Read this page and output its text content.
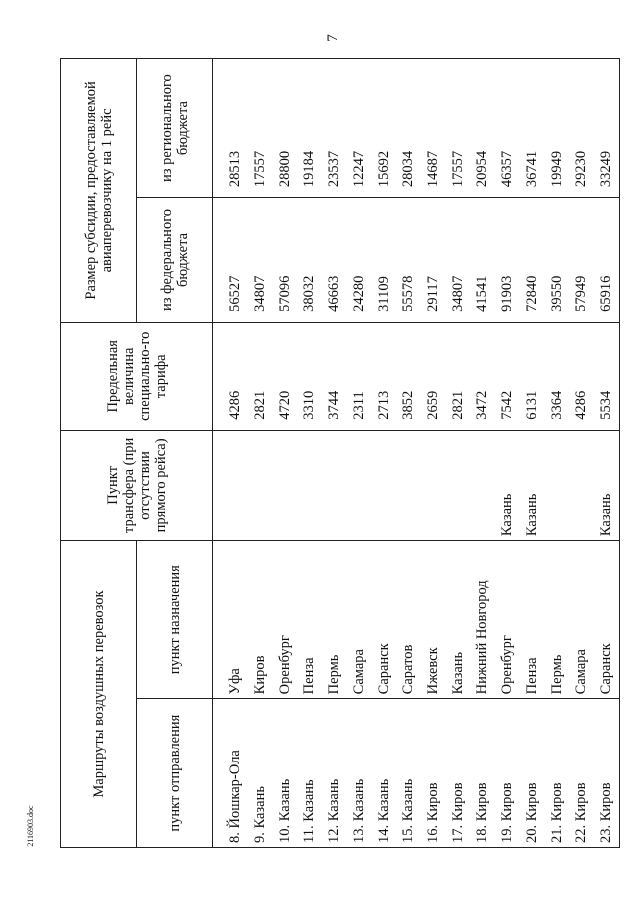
7
Маршруты воздушных перевозок		Пункт трансфера (при отсутствии прямого рейса)	Предельная величина специально-го тарифа	Размер субсидии, предоставляемой авиаперевозчику на 1 рейс	
пункт отправления	пункт назначения			из федерального бюджета	из регионального бюджета
8. Йошкар-Ола	Уфа		4286	56527	28513
9. Казань	Киров		2821	34807	17557
10. Казань	Оренбург		4720	57096	28800
11. Казань	Пенза		3310	38032	19184
12. Казань	Пермь		3744	46663	23537
13. Казань	Самара		2311	24280	12247
14. Казань	Саранск		2713	31109	15692
15. Казань	Саратов		3852	55578	28034
16. Киров	Ижевск		2659	29117	14687
17. Киров	Казань		2821	34807	17557
18. Киров	Нижний Новгород		3472	41541	20954
19. Киров	Оренбург	Казань	7542	91903	46357
20. Киров	Пенза	Казань	6131	72840	36741
21. Киров	Пермь		3364	39550	19949
22. Киров	Самара		4286	57949	29230
23. Киров	Саранск	Казань	5534	65916	33249
2116903.doc
